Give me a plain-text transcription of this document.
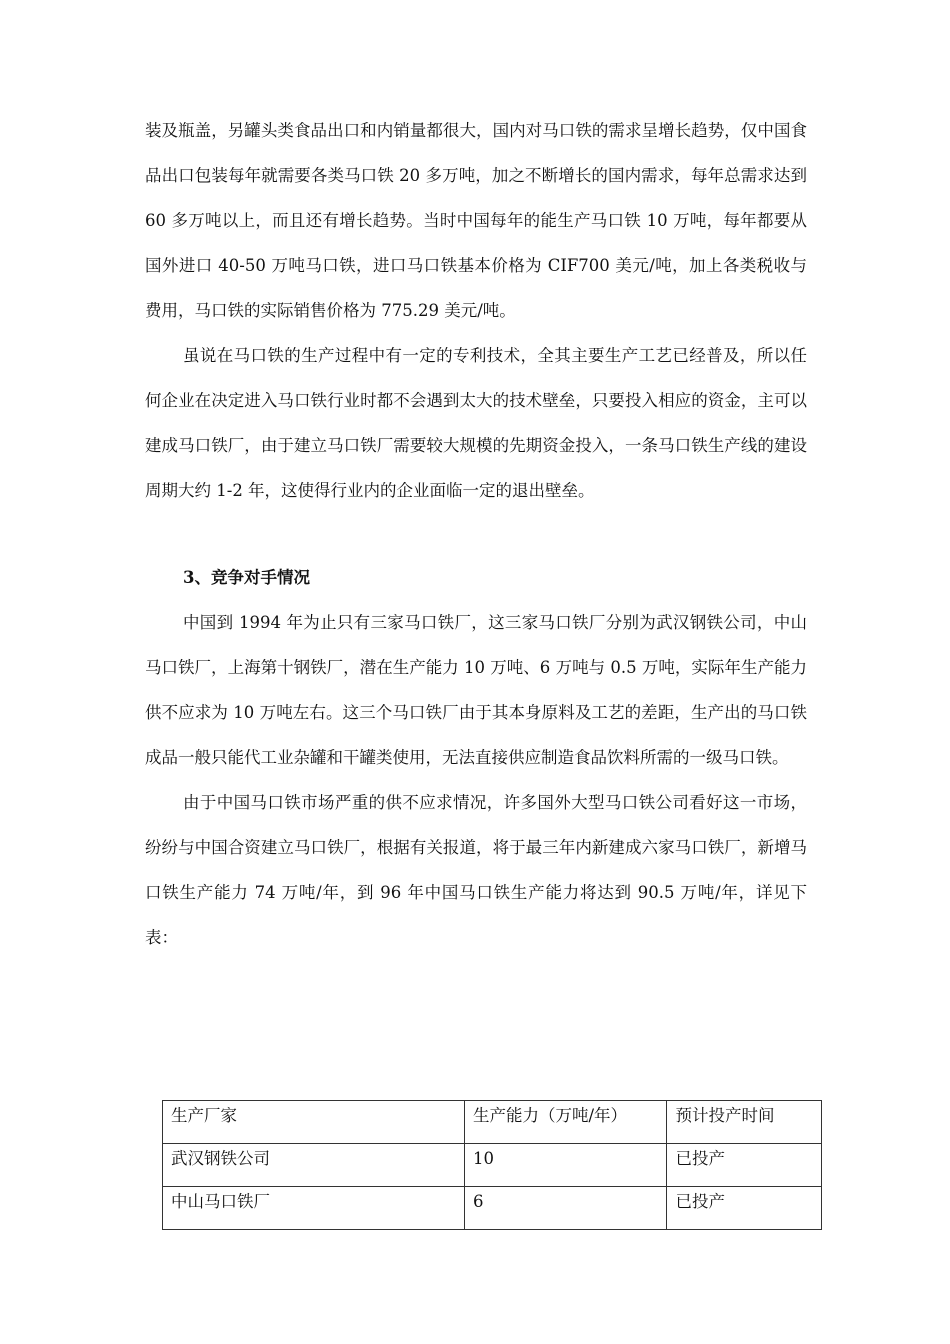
装及瓶盖，另罐头类食品出口和内销量都很大，国内对马口铁的需求呈增长趋势，仅中国食品出口包装每年就需要各类马口铁 20 多万吨，加之不断增长的国内需求，每年总需求达到 60 多万吨以上，而且还有增长趋势。当时中国每年的能生产马口铁 10 万吨，每年都要从国外进口 40-50 万吨马口铁，进口马口铁基本价格为 CIF700 美元/吨，加上各类税收与费用，马口铁的实际销售价格为 775.29 美元/吨。

虽说在马口铁的生产过程中有一定的专利技术，全其主要生产工艺已经普及，所以任何企业在决定进入马口铁行业时都不会遇到太大的技术壁垒，只要投入相应的资金，主可以建成马口铁厂，由于建立马口铁厂需要较大规模的先期资金投入，一条马口铁生产线的建设周期大约 1-2 年，这使得行业内的企业面临一定的退出壁垒。

3、竞争对手情况

中国到 1994 年为止只有三家马口铁厂，这三家马口铁厂分别为武汉钢铁公司，中山马口铁厂，上海第十钢铁厂，潜在生产能力 10 万吨、6 万吨与 0.5 万吨，实际年生产能力供不应求为 10 万吨左右。这三个马口铁厂由于其本身原料及工艺的差距，生产出的马口铁成品一般只能代工业杂罐和干罐类使用，无法直接供应制造食品饮料所需的一级马口铁。

由于中国马口铁市场严重的供不应求情况，许多国外大型马口铁公司看好这一市场，纷纷与中国合资建立马口铁厂，根据有关报道，将于最三年内新建成六家马口铁厂，新增马口铁生产能力 74 万吨/年，到 96 年中国马口铁生产能力将达到 90.5 万吨/年，详见下表：

生产厂家	生产能力（万吨/年）	预计投产时间
武汉钢铁公司	10	已投产
中山马口铁厂	6	已投产
